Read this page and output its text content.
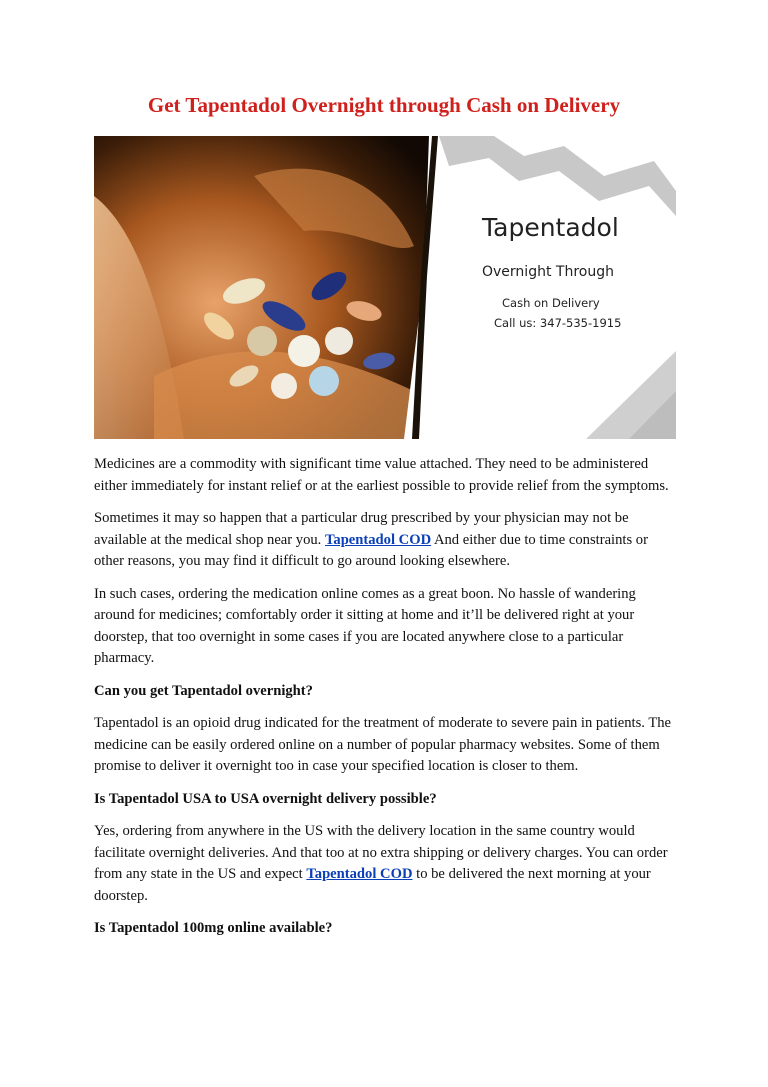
Get Tapentadol Overnight through Cash on Delivery
Tapentadol
Overnight Through
Cash on Delivery
Call us: 347-535-1915

Medicines are a commodity with significant time value attached. They need to be administered either immediately for instant relief or at the earliest possible to provide relief from the symptoms.

Sometimes it may so happen that a particular drug prescribed by your physician may not be available at the medical shop near you. Tapentadol COD And either due to time constraints or other reasons, you may find it difficult to go around looking elsewhere.

In such cases, ordering the medication online comes as a great boon. No hassle of wandering around for medicines; comfortably order it sitting at home and it’ll be delivered right at your doorstep, that too overnight in some cases if you are located anywhere close to a particular pharmacy.

Can you get Tapentadol overnight?

Tapentadol is an opioid drug indicated for the treatment of moderate to severe pain in patients. The medicine can be easily ordered online on a number of popular pharmacy websites. Some of them promise to deliver it overnight too in case your specified location is closer to them.

Is Tapentadol USA to USA overnight delivery possible?

Yes, ordering from anywhere in the US with the delivery location in the same country would facilitate overnight deliveries. And that too at no extra shipping or delivery charges. You can order from any state in the US and expect Tapentadol COD to be delivered the next morning at your doorstep.

Is Tapentadol 100mg online available?
